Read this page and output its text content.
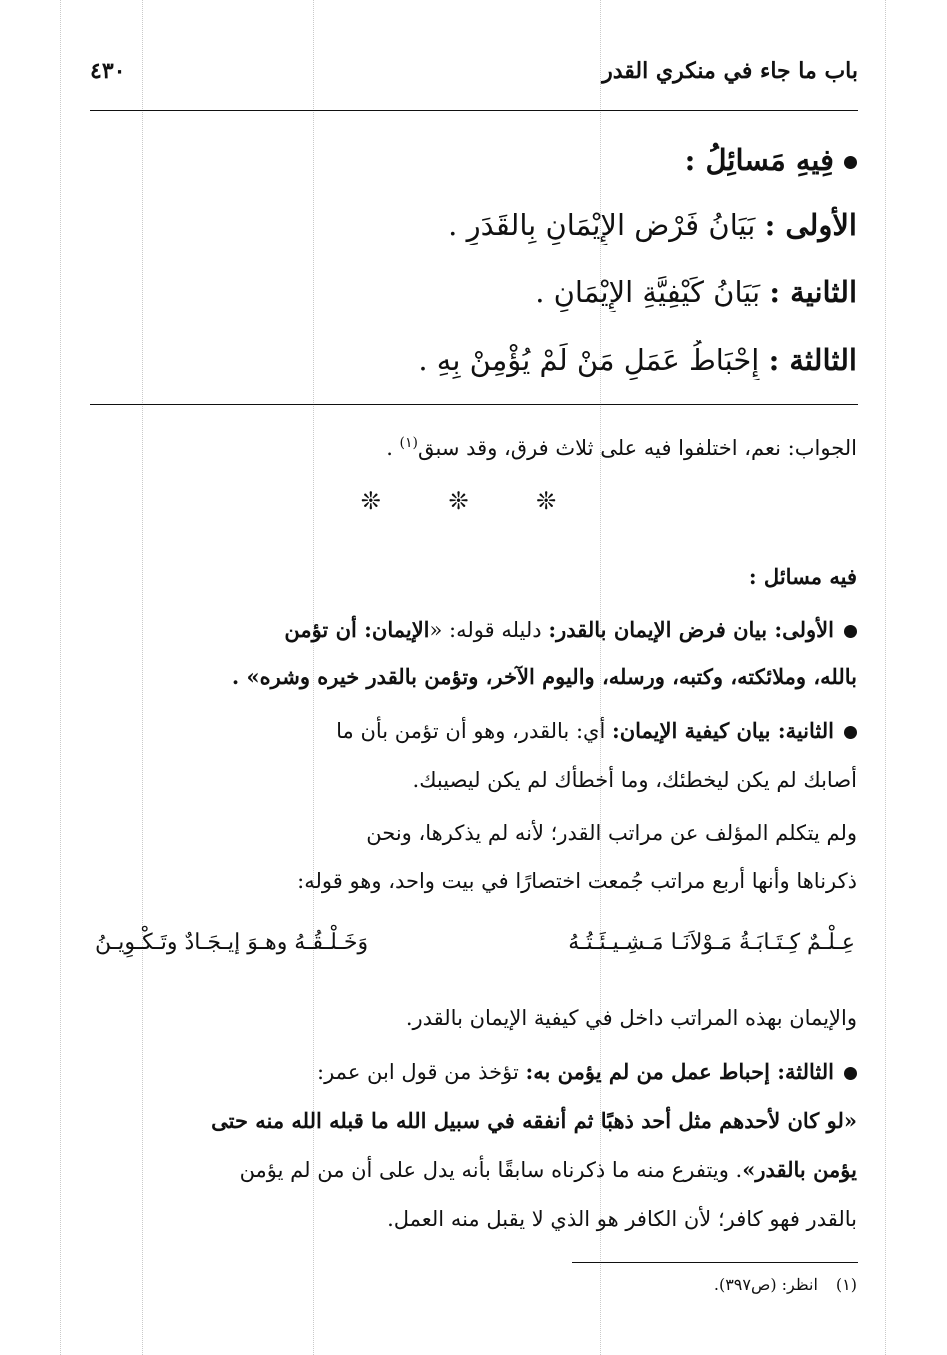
باب ما جاء في منكري القدر
٤٣٠
فِيهِ مَسائِلُ :
الأولى : بَيَانُ فَرْضِ الإِيْمَانِ بِالقَدَرِ .
الثانية : بَيَانُ كَيْفِيَّةِ الإِيْمَانِ .
الثالثة : إِحْبَاطُ عَمَلِ مَنْ لَمْ يُؤْمِنْ بِهِ .
الجواب: نعم، اختلفوا فيه على ثلاث فرق، وقد سبق$^{(١)}$ .
❊ ❊ ❊
فيه مسائل :
الأولى: بيان فرض الإيمان بالقدر: دليله قوله: «الإيمان: أن تؤمن
بالله، وملائكته، وكتبه، ورسله، واليوم الآخر، وتؤمن بالقدر خيره وشره» .
الثانية: بيان كيفية الإيمان: أي: بالقدر، وهو أن تؤمن بأن ما
أصابك لم يكن ليخطئك، وما أخطأك لم يكن ليصيبك.
ولم يتكلم المؤلف عن مراتب القدر؛ لأنه لم يذكرها، ونحن
ذكرناها وأنها أربع مراتب جُمعت اختصارًا في بيت واحد، وهو قوله:
عِـلْـمٌ كِـتَـابَـةُ مَـوْلاَنَـا مَـشِـيـئَـتُـهُ
وَخَـلْـقُـهُ وهـوَ إيـجَـادٌ وتَـكْـوِيـنُ
والإيمان بهذه المراتب داخل في كيفية الإيمان بالقدر.
الثالثة: إحباط عمل من لم يؤمن به: تؤخذ من قول ابن عمر:
«لو كان لأحدهم مثل أحد ذهبًا ثم أنفقه في سبيل الله ما قبله الله منه حتى
يؤمن بالقدر». ويتفرع منه ما ذكرناه سابقًا بأنه يدل على أن من لم يؤمن
بالقدر فهو كافر؛ لأن الكافر هو الذي لا يقبل منه العمل.
(١)انظر: (ص٣٩٧).
